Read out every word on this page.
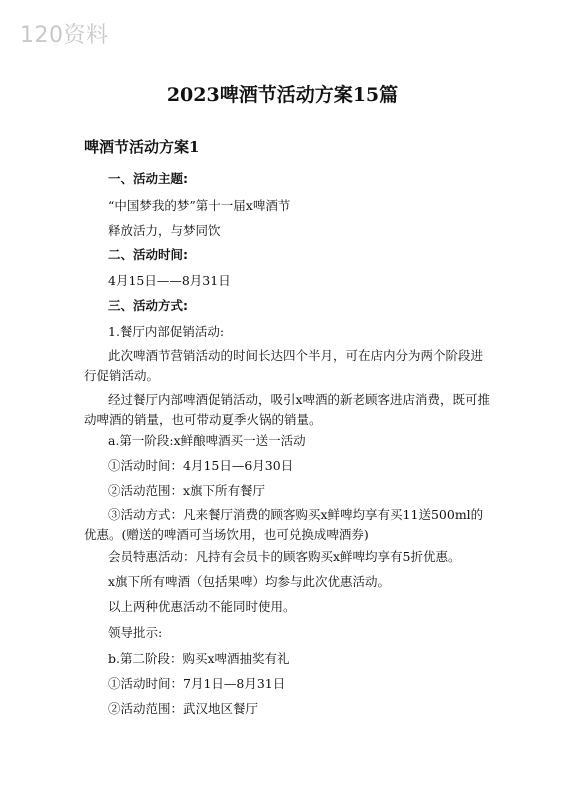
120资料
2023啤酒节活动方案15篇
啤酒节活动方案1
一、活动主题:
“中国梦我的梦”第十一届x啤酒节
释放活力，与梦同饮
二、活动时间:
4月15日——8月31日
三、活动方式:
1.餐厅内部促销活动:
此次啤酒节营销活动的时间长达四个半月，可在店内分为两个阶段进行促销活动。
经过餐厅内部啤酒促销活动，吸引x啤酒的新老顾客进店消费，既可推动啤酒的销量，也可带动夏季火锅的销量。
a.第一阶段:x鲜酿啤酒买一送一活动
①活动时间：4月15日—6月30日
②活动范围：x旗下所有餐厅
③活动方式：凡来餐厅消费的顾客购买x鲜啤均享有买11送500ml的优惠。(赠送的啤酒可当场饮用，也可兑换成啤酒券)
会员特惠活动：凡持有会员卡的顾客购买x鲜啤均享有5折优惠。
x旗下所有啤酒（包括果啤）均参与此次优惠活动。
以上两种优惠活动不能同时使用。
领导批示:
b.第二阶段：购买x啤酒抽奖有礼
①活动时间：7月1日—8月31日
②活动范围：武汉地区餐厅
